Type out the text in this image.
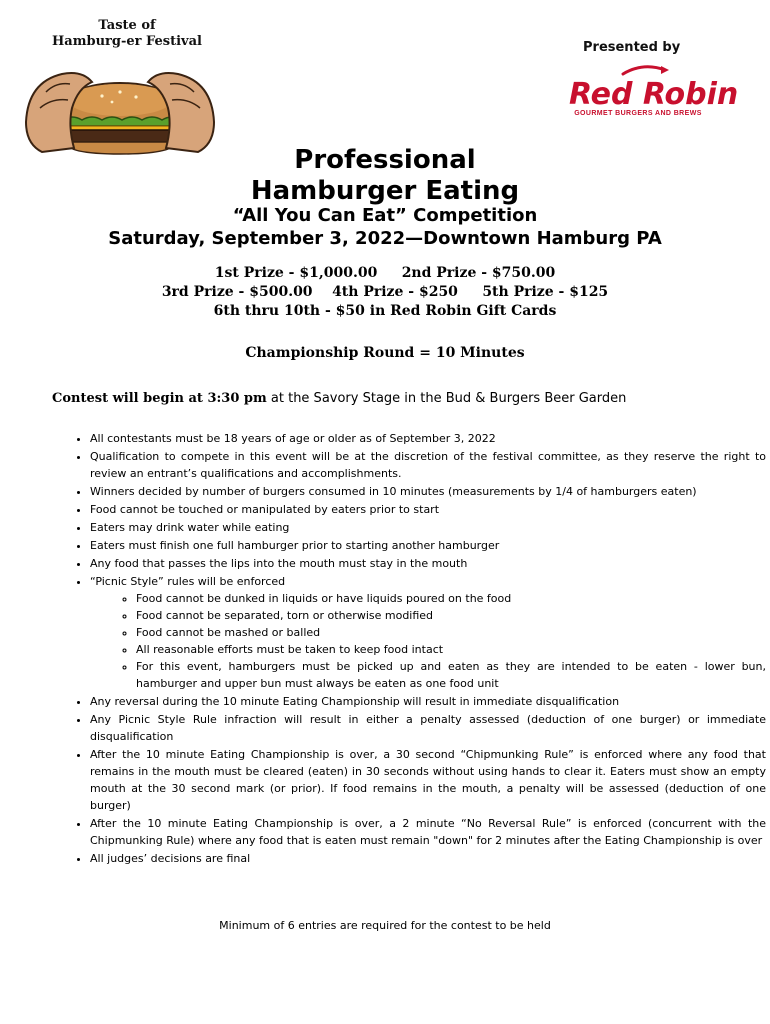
Taste of
Hamburg-er Festival	Presented by
Red Robin
GOURMET BURGERS AND BREWS
Professional
Hamburger Eating
“All You Can Eat” Competition
Saturday, September 3, 2022—Downtown Hamburg PA
1st Prize - $1,000.00 2nd Prize - $750.00
3rd Prize - $500.00 4th Prize - $250 5th Prize - $125
6th thru 10th - $50 in Red Robin Gift Cards
Championship Round = 10 Minutes
Contest will begin at 3:30 pm at the Savory Stage in the Bud & Burgers Beer Garden
• All contestants must be 18 years of age or older as of September 3, 2022
• Qualification to compete in this event will be at the discretion of the festival committee, as they reserve the right to review an entrant’s qualifications and accomplishments.
• Winners decided by number of burgers consumed in 10 minutes (measurements by 1/4 of hamburgers eaten)
• Food cannot be touched or manipulated by eaters prior to start
• Eaters may drink water while eating
• Eaters must finish one full hamburger prior to starting another hamburger
• Any food that passes the lips into the mouth must stay in the mouth
• “Picnic Style” rules will be enforced
◦ Food cannot be dunked in liquids or have liquids poured on the food
◦ Food cannot be separated, torn or otherwise modified
◦ Food cannot be mashed or balled
◦ All reasonable efforts must be taken to keep food intact
◦ For this event, hamburgers must be picked up and eaten as they are intended to be eaten - lower bun, hamburger and upper bun must always be eaten as one food unit
• Any reversal during the 10 minute Eating Championship will result in immediate disqualification
• Any Picnic Style Rule infraction will result in either a penalty assessed (deduction of one burger) or immediate disqualification
• After the 10 minute Eating Championship is over, a 30 second “Chipmunking Rule” is enforced where any food that remains in the mouth must be cleared (eaten) in 30 seconds without using hands to clear it. Eaters must show an empty mouth at the 30 second mark (or prior). If food remains in the mouth, a penalty will be assessed (deduction of one burger)
• After the 10 minute Eating Championship is over, a 2 minute “No Reversal Rule” is enforced (concurrent with the Chipmunking Rule) where any food that is eaten must remain "down" for 2 minutes after the Eating Championship is over
• All judges’ decisions are final
Minimum of 6 entries are required for the contest to be held
